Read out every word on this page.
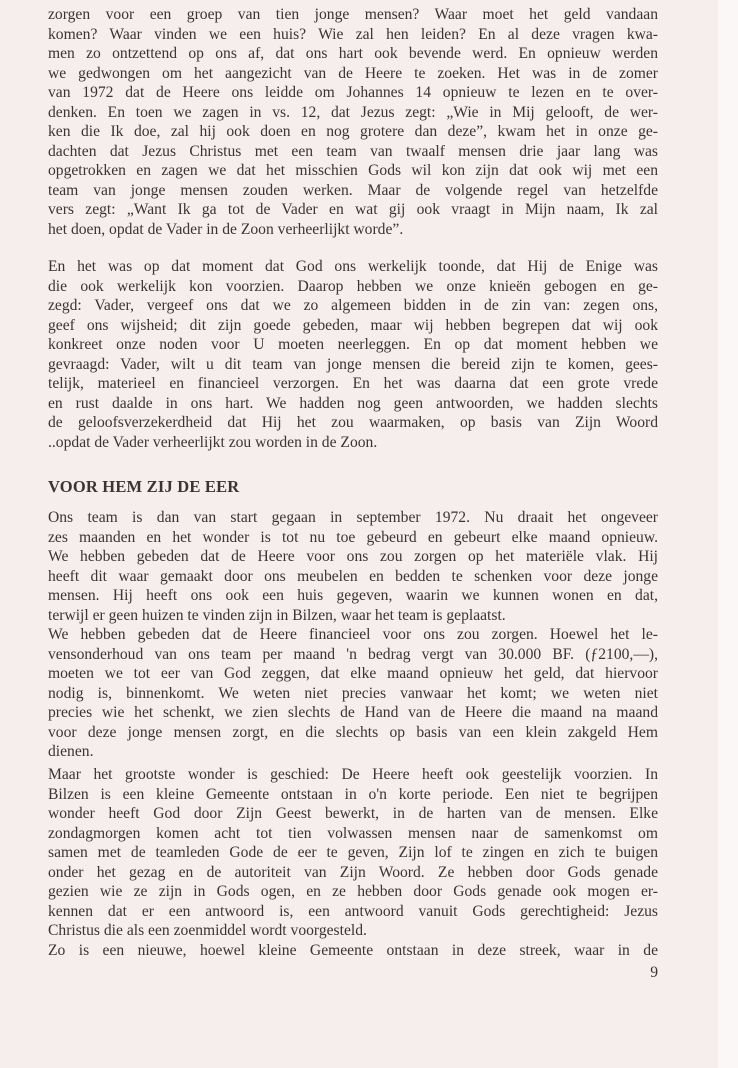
zorgen voor een groep van tien jonge mensen? Waar moet het geld vandaan
komen? Waar vinden we een huis? Wie zal hen leiden? En al deze vragen kwa-
men zo ontzettend op ons af, dat ons hart ook bevende werd. En opnieuw werden
we gedwongen om het aangezicht van de Heere te zoeken. Het was in de zomer
van 1972 dat de Heere ons leidde om Johannes 14 opnieuw te lezen en te over-
denken. En toen we zagen in vs. 12, dat Jezus zegt: „Wie in Mij gelooft, de wer-
ken die Ik doe, zal hij ook doen en nog grotere dan deze”, kwam het in onze ge-
dachten dat Jezus Christus met een team van twaalf mensen drie jaar lang was
opgetrokken en zagen we dat het misschien Gods wil kon zijn dat ook wij met een
team van jonge mensen zouden werken. Maar de volgende regel van hetzelfde
vers zegt: „Want Ik ga tot de Vader en wat gij ook vraagt in Mijn naam, Ik zal
het doen, opdat de Vader in de Zoon verheerlijkt worde”.
En het was op dat moment dat God ons werkelijk toonde, dat Hij de Enige was
die ook werkelijk kon voorzien. Daarop hebben we onze knieën gebogen en ge-
zegd: Vader, vergeef ons dat we zo algemeen bidden in de zin van: zegen ons,
geef ons wijsheid; dit zijn goede gebeden, maar wij hebben begrepen dat wij ook
konkreet onze noden voor U moeten neerleggen. En op dat moment hebben we
gevraagd: Vader, wilt u dit team van jonge mensen die bereid zijn te komen, gees-
telijk, materieel en financieel verzorgen. En het was daarna dat een grote vrede
en rust daalde in ons hart. We hadden nog geen antwoorden, we hadden slechts
de geloofsverzekerdheid dat Hij het zou waarmaken, op basis van Zijn Woord
..opdat de Vader verheerlijkt zou worden in de Zoon.
VOOR HEM ZIJ DE EER
Ons team is dan van start gegaan in september 1972. Nu draait het ongeveer
zes maanden en het wonder is tot nu toe gebeurd en gebeurt elke maand opnieuw.
We hebben gebeden dat de Heere voor ons zou zorgen op het materiële vlak. Hij
heeft dit waar gemaakt door ons meubelen en bedden te schenken voor deze jonge
mensen. Hij heeft ons ook een huis gegeven, waarin we kunnen wonen en dat,
terwijl er geen huizen te vinden zijn in Bilzen, waar het team is geplaatst.
We hebben gebeden dat de Heere financieel voor ons zou zorgen. Hoewel het le-
vensonderhoud van ons team per maand 'n bedrag vergt van 30.000 BF. (ƒ2100,—),
moeten we tot eer van God zeggen, dat elke maand opnieuw het geld, dat hiervoor
nodig is, binnenkomt. We weten niet precies vanwaar het komt; we weten niet
precies wie het schenkt, we zien slechts de Hand van de Heere die maand na maand
voor deze jonge mensen zorgt, en die slechts op basis van een klein zakgeld Hem
dienen.
Maar het grootste wonder is geschied: De Heere heeft ook geestelijk voorzien. In
Bilzen is een kleine Gemeente ontstaan in o'n korte periode. Een niet te begrijpen
wonder heeft God door Zijn Geest bewerkt, in de harten van de mensen. Elke
zondagmorgen komen acht tot tien volwassen mensen naar de samenkomst om
samen met de teamleden Gode de eer te geven, Zijn lof te zingen en zich te buigen
onder het gezag en de autoriteit van Zijn Woord. Ze hebben door Gods genade
gezien wie ze zijn in Gods ogen, en ze hebben door Gods genade ook mogen er-
kennen dat er een antwoord is, een antwoord vanuit Gods gerechtigheid: Jezus
Christus die als een zoenmiddel wordt voorgesteld.
Zo is een nieuwe, hoewel kleine Gemeente ontstaan in deze streek, waar in de
9
